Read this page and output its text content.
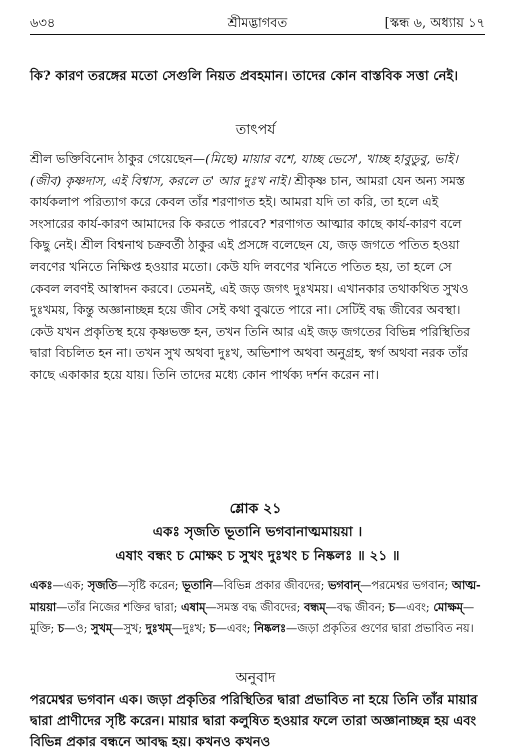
৬৩৪	শ্রীমদ্ভাগবত	[স্কন্ধ ৬, অধ্যায় ১৭
কি? কারণ তরঙ্গের মতো সেগুলি নিয়ত প্রবহমান। তাদের কোন বাস্তবিক সত্তা নেই।
তাৎপর্য
শ্রীল ভক্তিবিনোদ ঠাকুর গেয়েছেন—(মিছে) মায়ার বশে, যাচ্ছ ভেসে', খাচ্ছ হাবুডুবু, ভাই। (জীব) কৃষ্ণদাস, এই বিশ্বাস, করলে ত' আর দুঃখ নাই। শ্রীকৃষ্ণ চান, আমরা যেন অন্য সমস্ত কার্যকলাপ পরিত্যাগ করে কেবল তাঁর শরণাগত হই। আমরা যদি তা করি, তা হলে এই সংসারের কার্য-কারণ আমাদের কি করতে পারবে? শরণাগত আত্মার কাছে কার্য-কারণ বলে কিছু নেই। শ্রীল বিশ্বনাথ চক্রবর্তী ঠাকুর এই প্রসঙ্গে বলেছেন যে, জড় জগতে পতিত হওয়া লবণের খনিতে নিক্ষিপ্ত হওয়ার মতো। কেউ যদি লবণের খনিতে পতিত হয়, তা হলে সে কেবল লবণই আস্বাদন করবে। তেমনই, এই জড় জগৎ দুঃখময়। এখানকার তথাকথিত সুখও দুঃখময়, কিন্তু অজ্ঞানাচ্ছন্ন হয়ে জীব সেই কথা বুঝতে পারে না। সেটিই বদ্ধ জীবের অবস্থা। কেউ যখন প্রকৃতিস্থ হয়ে কৃষ্ণভক্ত হন, তখন তিনি আর এই জড় জগতের বিভিন্ন পরিস্থিতির দ্বারা বিচলিত হন না। তখন সুখ অথবা দুঃখ, অভিশাপ অথবা অনুগ্রহ, স্বর্গ অথবা নরক তাঁর কাছে একাকার হয়ে যায়। তিনি তাদের মধ্যে কোন পার্থক্য দর্শন করেন না।
শ্লোক ২১
একঃ সৃজতি ভূতানি ভগবানাত্মমায়য়া ।
এষাং বন্ধং চ মোক্ষং চ সুখং দুঃখং চ নিষ্কলঃ ॥ ২১ ॥
একঃ—এক; সৃজতি—সৃষ্টি করেন; ভূতানি—বিভিন্ন প্রকার জীবদের; ভগবান্—পরমেশ্বর ভগবান; আত্ম-মায়য়া—তাঁর নিজের শক্তির দ্বারা; এষাম্—সমস্ত বদ্ধ জীবদের; বন্ধম্—বদ্ধ জীবন; চ—এবং; মোক্ষম্—মুক্তি; চ—ও; সুখম্—সুখ; দুঃখম্—দুঃখ; চ—এবং; নিষ্কলঃ—জড়া প্রকৃতির গুণের দ্বারা প্রভাবিত নয়।
অনুবাদ
পরমেশ্বর ভগবান এক। জড়া প্রকৃতির পরিস্থিতির দ্বারা প্রভাবিত না হয়ে তিনি তাঁর মায়ার দ্বারা প্রাণীদের সৃষ্টি করেন। মায়ার দ্বারা কলুষিত হওয়ার ফলে তারা অজ্ঞানাচ্ছন্ন হয় এবং বিভিন্ন প্রকার বন্ধনে আবদ্ধ হয়। কখনও কখনও
